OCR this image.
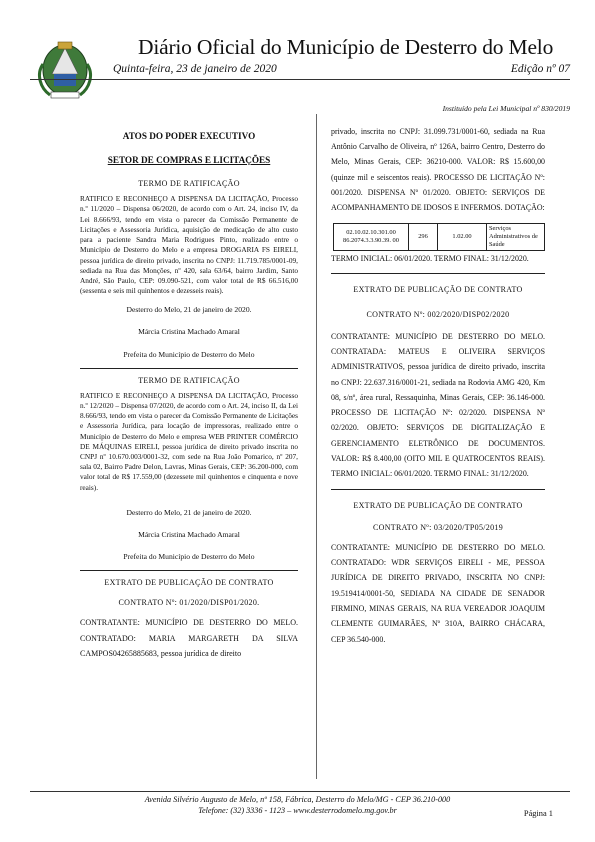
Diário Oficial do Município de Desterro do Melo
Quinta-feira, 23 de janeiro de 2020	Edição nº 07
Instituído pela Lei Municipal nº 830/2019
ATOS DO PODER EXECUTIVO
SETOR DE COMPRAS E LICITAÇÕES
TERMO DE RATIFICAÇÃO

RATIFICO E RECONHEÇO A DISPENSA DA LICITAÇÃO, Processo n.º 11/2020 – Dispensa 06/2020, de acordo com o Art. 24, inciso IV, da Lei 8.666/93, tendo em vista o parecer da Comissão Permanente de Licitações e Assessoria Jurídica, aquisição de medicação de alto custo para a paciente Sandra Maria Rodrigues Pinto, realizado entre o Município de Desterro do Melo e a empresa DROGARIA FS EIRELI, pessoa jurídica de direito privado, inscrita no CNPJ: 11.719.785/0001-09, sediada na Rua das Monções, nº 420, sala 63/64, bairro Jardim, Santo André, São Paulo, CEP: 09.090-521, com valor total de R$ 66.516,00 (sessenta e seis mil quinhentos e dezesseis reais).

Desterro do Melo, 21 de janeiro de 2020.

Márcia Cristina Machado Amaral

Prefeita do Município de Desterro do Melo

TERMO DE RATIFICAÇÃO

RATIFICO E RECONHEÇO A DISPENSA DA LICITAÇÃO, Processo n.º 12/2020 – Dispensa 07/2020, de acordo com o Art. 24, inciso II, da Lei 8.666/93, tendo em vista o parecer da Comissão Permanente de Licitações e Assessoria Jurídica, para locação de impressoras, realizado entre o Município de Desterro do Melo e empresa WEB PRINTER COMÉRCIO DE MÁQUINAS EIRELI, pessoa jurídica de direito privado inscrita no CNPJ nº 10.670.003/0001-32, com sede na Rua João Pomarico, nº 207, sala 02, Bairro Padre Delon, Lavras, Minas Gerais, CEP: 36.200-000, com valor total de R$ 17.559,00 (dezessete mil quinhentos e cinquenta e nove reais).

Desterro do Melo, 21 de janeiro de 2020.

Márcia Cristina Machado Amaral

Prefeita do Município de Desterro do Melo

EXTRATO DE PUBLICAÇÃO DE CONTRATO
CONTRATO Nº: 01/2020/DISP01/2020.

CONTRATANTE: MUNICÍPIO DE DESTERRO DO MELO. CONTRATADO: MARIA MARGARETH DA SILVA CAMPOS04265885683, pessoa jurídica de direito

privado, inscrita no CNPJ: 31.099.731/0001-60, sediada na Rua Antônio Carvalho de Oliveira, nº 126A, bairro Centro, Desterro do Melo, Minas Gerais, CEP: 36210-000. VALOR: R$ 15.600,00 (quinze mil e seiscentos reais). PROCESSO DE LICITAÇÃO Nº: 001/2020. DISPENSA Nº 01/2020. OBJETO: SERVIÇOS DE ACOMPANHAMENTO DE IDOSOS E INFERMOS. DOTAÇÃO:

02.10.02.10.301.00 86.2074.3.3.90.39. 00	296	1.02.00	Serviços Administrativos de Saúde

TERMO INICIAL: 06/01/2020. TERMO FINAL: 31/12/2020.

EXTRATO DE PUBLICAÇÃO DE CONTRATO
CONTRATO Nº: 002/2020/DISP02/2020

CONTRATANTE: MUNICÍPIO DE DESTERRO DO MELO. CONTRATADA: MATEUS E OLIVEIRA SERVIÇOS ADMINISTRATIVOS, pessoa jurídica de direito privado, inscrita no CNPJ: 22.637.316/0001-21, sediada na Rodovia AMG 420, Km 08, s/nº, área rural, Ressaquinha, Minas Gerais, CEP: 36.146-000. PROCESSO DE LICITAÇÃO Nº: 02/2020. DISPENSA Nº 02/2020. OBJETO: SERVIÇOS DE DIGITALIZAÇÃO E GERENCIAMENTO ELETRÔNICO DE DOCUMENTOS. VALOR: R$ 8.400,00 (OITO MIL E QUATROCENTOS REAIS). TERMO INICIAL: 06/01/2020. TERMO FINAL: 31/12/2020.

EXTRATO DE PUBLICAÇÃO DE CONTRATO
CONTRATO Nº: 03/2020/TP05/2019

CONTRATANTE: MUNICÍPIO DE DESTERRO DO MELO. CONTRATADO: WDR SERVIÇOS EIRELI - ME, PESSOA JURÍDICA DE DIREITO PRIVADO, INSCRITA NO CNPJ: 19.519414/0001-50, SEDIADA NA CIDADE DE SENADOR FIRMINO, MINAS GERAIS, NA RUA VEREADOR JOAQUIM CLEMENTE GUIMARÃES, Nº 310A, BAIRRO CHÁCARA, CEP 36.540-000.

Avenida Silvério Augusto de Melo, nº 158, Fábrica, Desterro do Melo/MG - CEP 36.210-000
Telefone: (32) 3336 - 1123 – www.desterrodomelo.mg.gov.br	Página 1
